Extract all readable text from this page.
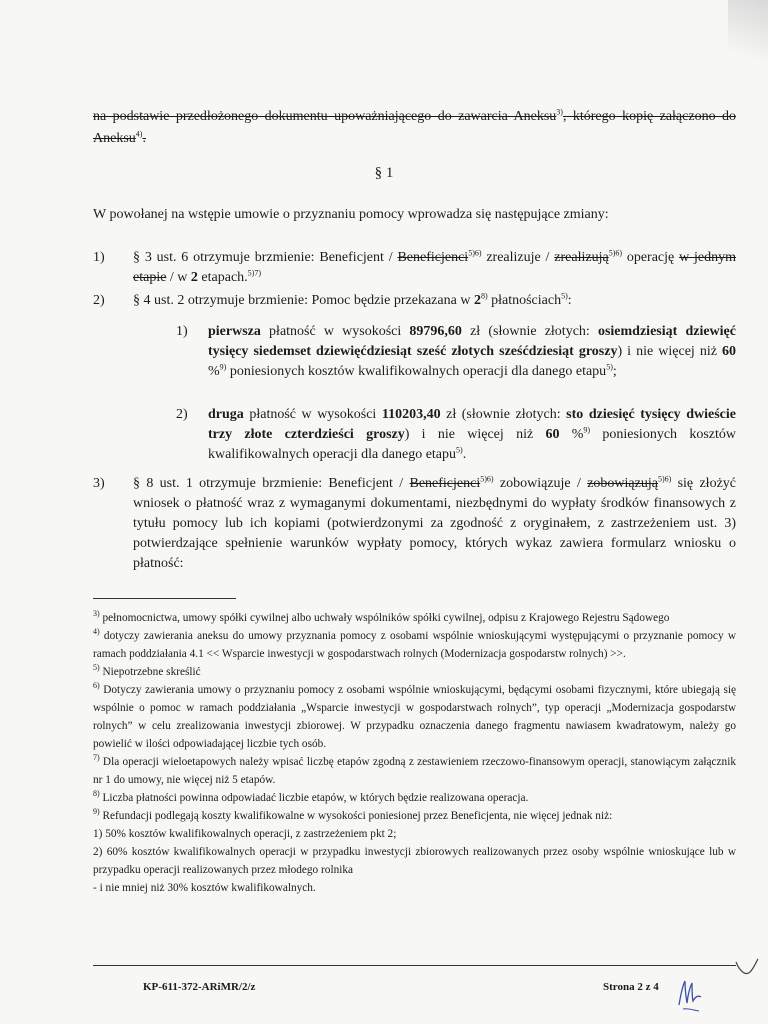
na podstawie przedłożonego dokumentu upoważniającego do zawarcia Aneksu$^{3)}$, którego kopię załączono do Aneksu$^{4)}$.
§ 1
W powołanej na wstępie umowie o przyznaniu pomocy wprowadza się następujące zmiany:
1) § 3 ust. 6 otrzymuje brzmienie: Beneficjent / Beneficjenci$^{5)6)}$ zrealizuje / zrealizują$^{5)6)}$ operację w jednym etapie / w 2 etapach.$^{5)7)}$
2) § 4 ust. 2 otrzymuje brzmienie: Pomoc będzie przekazana w 2$^{8)}$ płatnościach$^{5)}$:
1) pierwsza płatność w wysokości 89796,60 zł (słownie złotych: osiemdziesiąt dziewięć tysięcy siedemset dziewięćdziesiąt sześć złotych sześćdziesiąt groszy) i nie więcej niż 60 %$^{9)}$ poniesionych kosztów kwalifikowalnych operacji dla danego etapu$^{5)}$;
2) druga płatność w wysokości 110203,40 zł (słownie złotych: sto dziesięć tysięcy dwieście trzy złote czterdzieści groszy) i nie więcej niż 60 %$^{9)}$ poniesionych kosztów kwalifikowalnych operacji dla danego etapu$^{5)}$.
3) § 8 ust. 1 otrzymuje brzmienie: Beneficjent / Beneficjenci$^{5)6)}$ zobowiązuje / zobowiązują$^{5)6)}$ się złożyć wniosek o płatność wraz z wymaganymi dokumentami, niezbędnymi do wypłaty środków finansowych z tytułu pomocy lub ich kopiami (potwierdzonymi za zgodność z oryginałem, z zastrzeżeniem ust. 3) potwierdzające spełnienie warunków wypłaty pomocy, których wykaz zawiera formularz wniosku o płatność:

$^{3)}$ pełnomocnictwa, umowy spółki cywilnej albo uchwały wspólników spółki cywilnej, odpisu z Krajowego Rejestru Sądowego

$^{4)}$ dotyczy zawierania aneksu do umowy przyznania pomocy z osobami wspólnie wnioskującymi występującymi o przyznanie pomocy w ramach poddziałania 4.1 << Wsparcie inwestycji w gospodarstwach rolnych (Modernizacja gospodarstw rolnych) >>.

$^{5)}$ Niepotrzebne skreślić

$^{6)}$ Dotyczy zawierania umowy o przyznaniu pomocy z osobami wspólnie wnioskującymi, będącymi osobami fizycznymi, które ubiegają się wspólnie o pomoc w ramach poddziałania „Wsparcie inwestycji w gospodarstwach rolnych”, typ operacji „Modernizacja gospodarstw rolnych” w celu zrealizowania inwestycji zbiorowej. W przypadku oznaczenia danego fragmentu nawiasem kwadratowym, należy go powielić w ilości odpowiadającej liczbie tych osób.

$^{7)}$ Dla operacji wieloetapowych należy wpisać liczbę etapów zgodną z zestawieniem rzeczowo-finansowym operacji, stanowiącym załącznik nr 1 do umowy, nie więcej niż 5 etapów.

$^{8)}$ Liczba płatności powinna odpowiadać liczbie etapów, w których będzie realizowana operacja.

$^{9)}$ Refundacji podlegają koszty kwalifikowalne w wysokości poniesionej przez Beneficjenta, nie więcej jednak niż:

1) 50% kosztów kwalifikowalnych operacji, z zastrzeżeniem pkt 2;

2) 60% kosztów kwalifikowalnych operacji w przypadku inwestycji zbiorowych realizowanych przez osoby wspólnie wnioskujące lub w przypadku operacji realizowanych przez młodego rolnika

- i nie mniej niż 30% kosztów kwalifikowalnych.

KP-611-372-ARiMR/2/z	Strona 2 z 4
